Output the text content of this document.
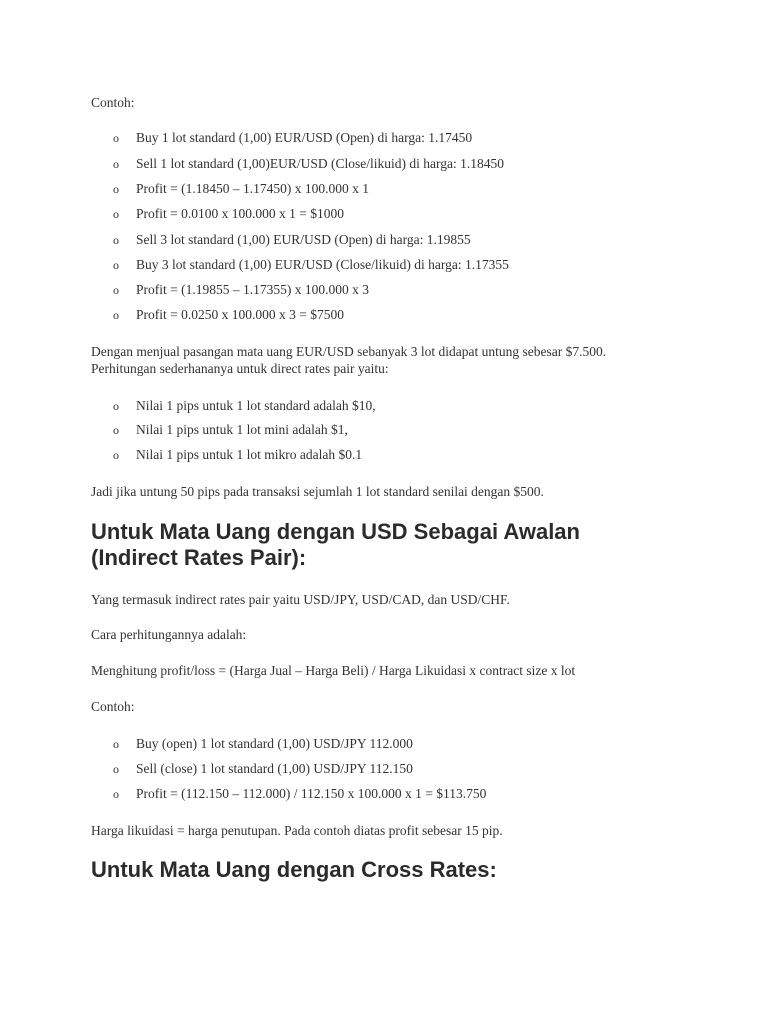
Contoh:

o Buy 1 lot standard (1,00) EUR/USD (Open) di harga: 1.17450
o Sell 1 lot standard (1,00)EUR/USD (Close/likuid) di harga: 1.18450
o Profit = (1.18450 – 1.17450) x 100.000 x 1
o Profit = 0.0100 x 100.000 x 1 = $1000
o Sell 3 lot standard (1,00) EUR/USD (Open) di harga: 1.19855
o Buy 3 lot standard (1,00) EUR/USD (Close/likuid) di harga: 1.17355
o Profit = (1.19855 – 1.17355) x 100.000 x 3
o Profit = 0.0250 x 100.000 x 3 = $7500

Dengan menjual pasangan mata uang EUR/USD sebanyak 3 lot didapat untung sebesar $7.500.

Perhitungan sederhananya untuk direct rates pair yaitu:

o Nilai 1 pips untuk 1 lot standard adalah $10,
o Nilai 1 pips untuk 1 lot mini adalah $1,
o Nilai 1 pips untuk 1 lot mikro adalah $0.1

Jadi jika untung 50 pips pada transaksi sejumlah 1 lot standard senilai dengan $500.

Untuk Mata Uang dengan USD Sebagai Awalan
(Indirect Rates Pair):

Yang termasuk indirect rates pair yaitu USD/JPY, USD/CAD, dan USD/CHF.

Cara perhitungannya adalah:

Menghitung profit/loss = (Harga Jual – Harga Beli) / Harga Likuidasi x contract size x lot

Contoh:

o Buy (open) 1 lot standard (1,00) USD/JPY 112.000
o Sell (close) 1 lot standard (1,00) USD/JPY 112.150
o Profit = (112.150 – 112.000) / 112.150 x 100.000 x 1 = $113.750

Harga likuidasi = harga penutupan. Pada contoh diatas profit sebesar 15 pip.

Untuk Mata Uang dengan Cross Rates:
